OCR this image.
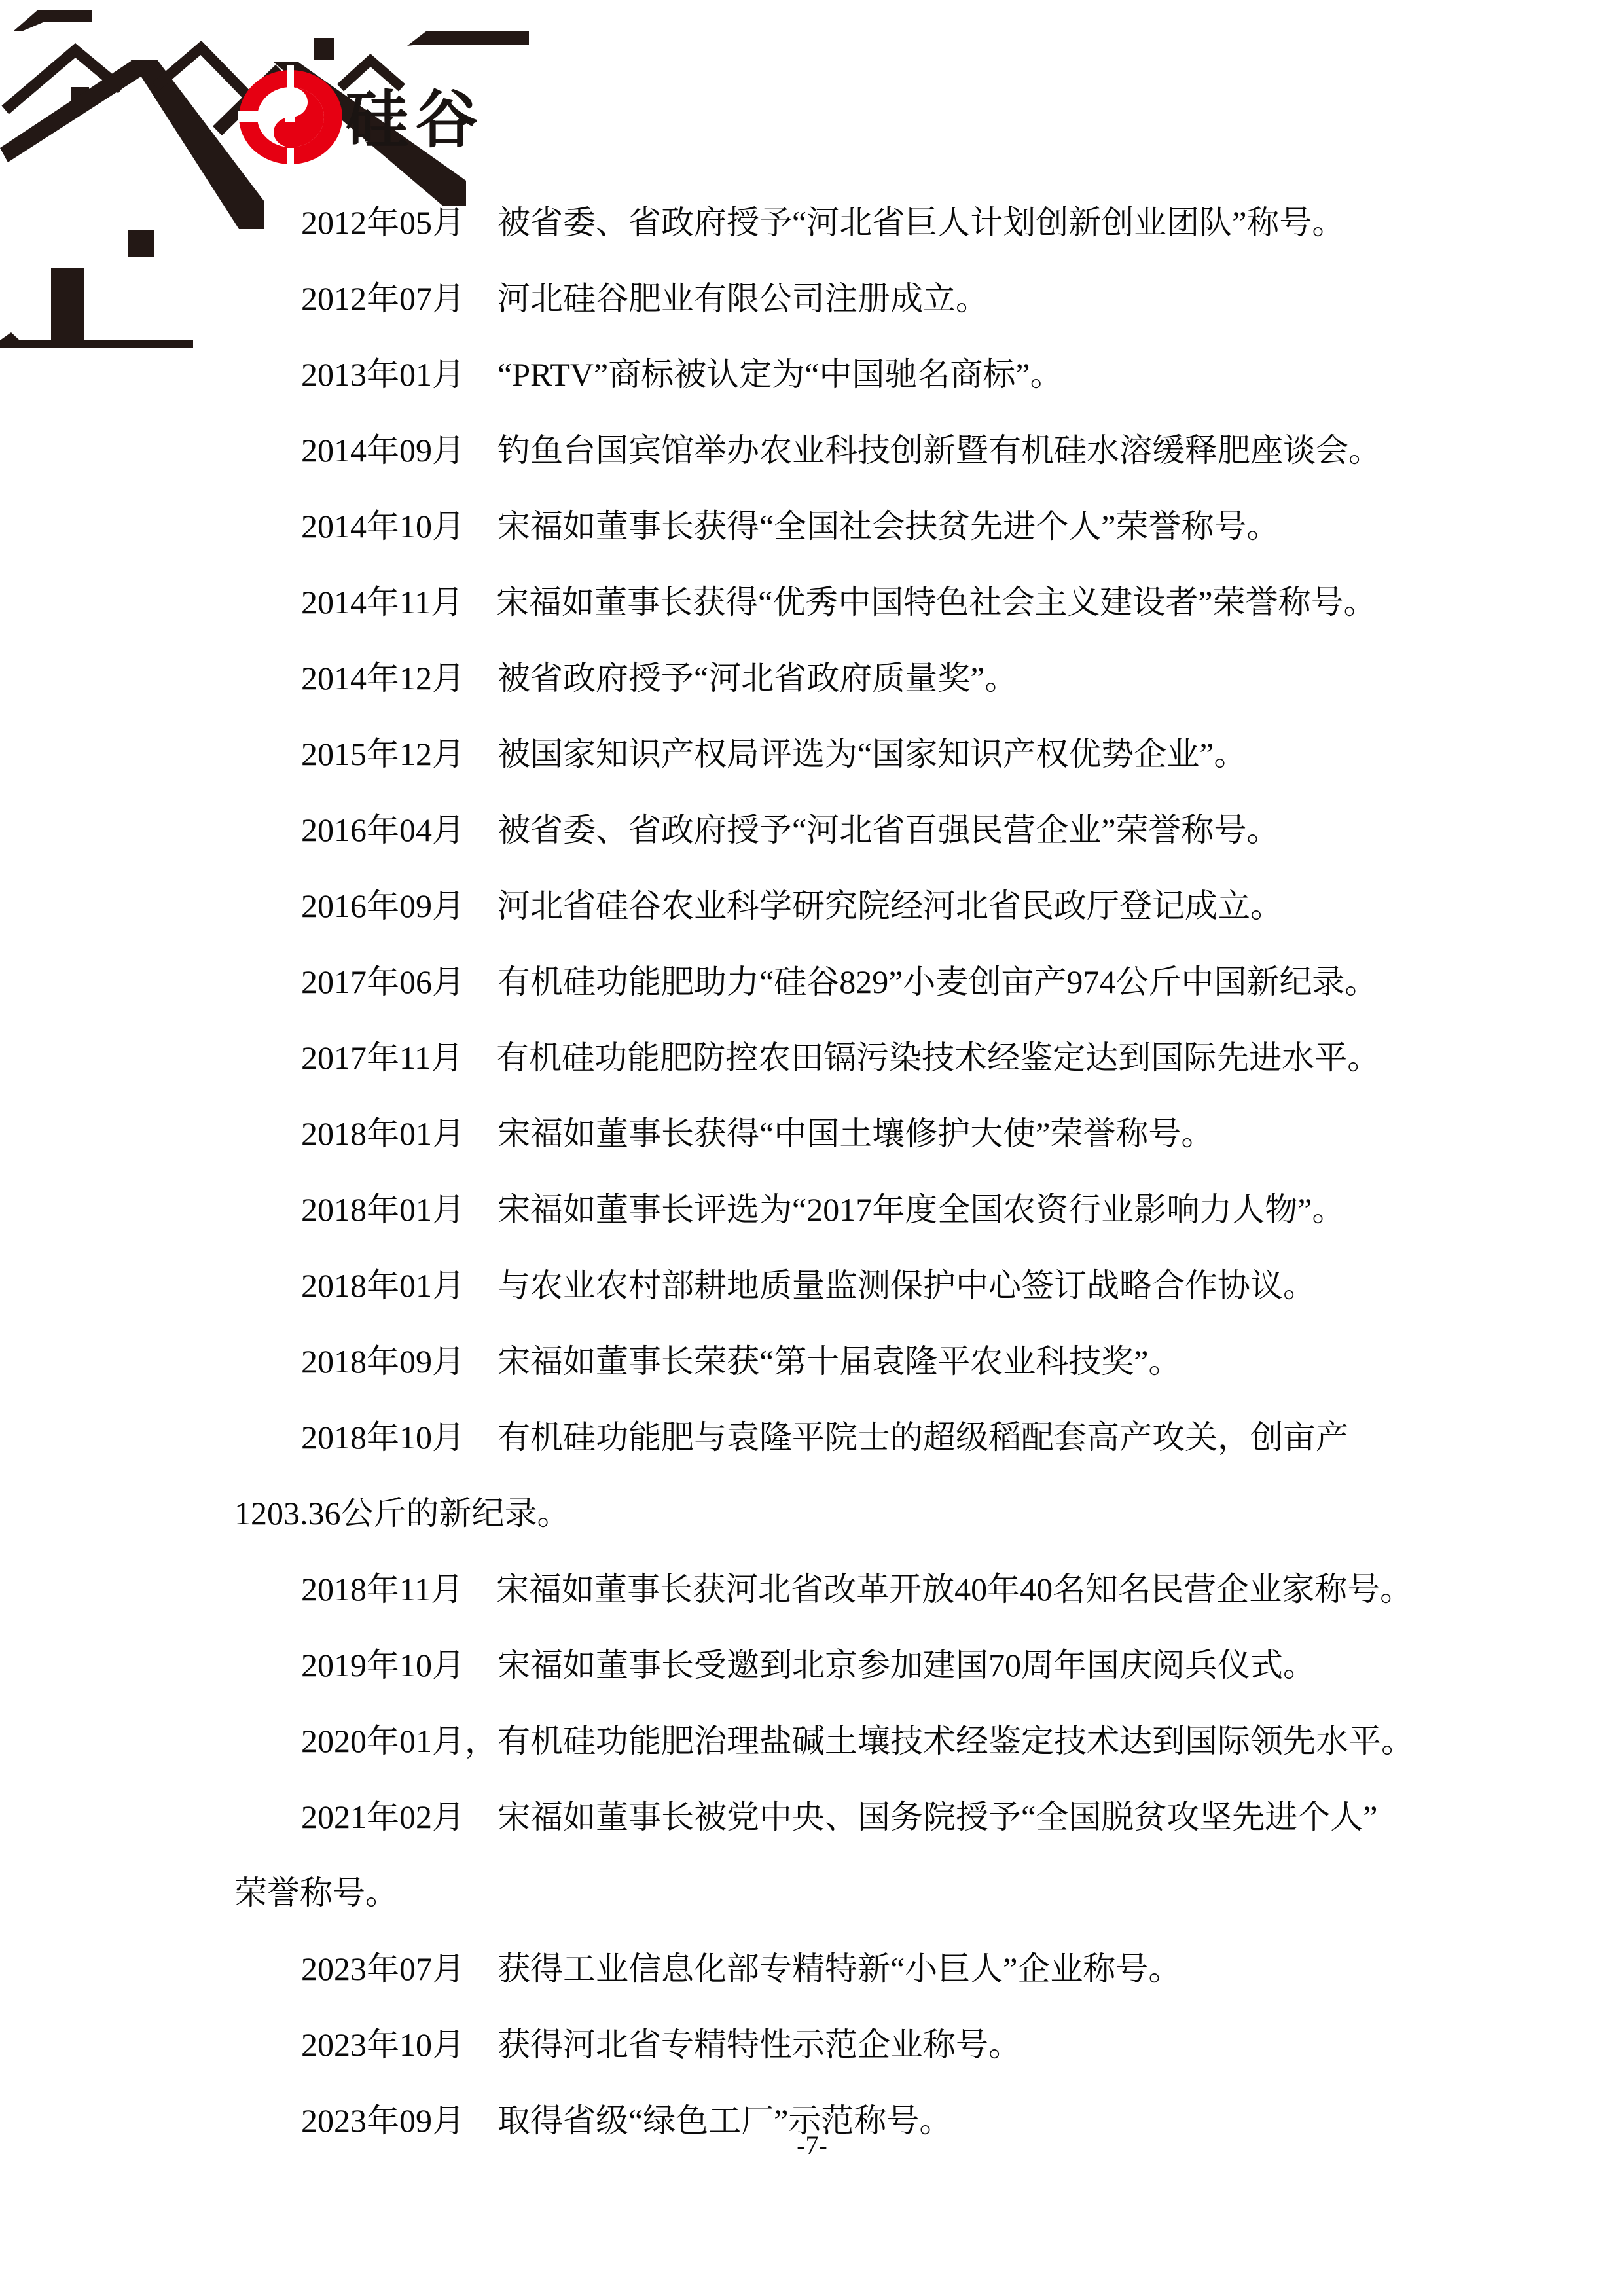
硅谷
2012年05月　被省委、省政府授予“河北省巨人计划创新创业团队”称号。
2012年07月　河北硅谷肥业有限公司注册成立。
2013年01月　“PRTV”商标被认定为“中国驰名商标”。
2014年09月　钓鱼台国宾馆举办农业科技创新暨有机硅水溶缓释肥座谈会。
2014年10月　宋福如董事长获得“全国社会扶贫先进个人”荣誉称号。
2014年11月　宋福如董事长获得“优秀中国特色社会主义建设者”荣誉称号。
2014年12月　被省政府授予“河北省政府质量奖”。
2015年12月　被国家知识产权局评选为“国家知识产权优势企业”。
2016年04月　被省委、省政府授予“河北省百强民营企业”荣誉称号。
2016年09月　河北省硅谷农业科学研究院经河北省民政厅登记成立。
2017年06月　有机硅功能肥助力“硅谷829”小麦创亩产974公斤中国新纪录。
2017年11月　有机硅功能肥防控农田镉污染技术经鉴定达到国际先进水平。
2018年01月　宋福如董事长获得“中国土壤修护大使”荣誉称号。
2018年01月　宋福如董事长评选为“2017年度全国农资行业影响力人物”。
2018年01月　与农业农村部耕地质量监测保护中心签订战略合作协议。
2018年09月　宋福如董事长荣获“第十届袁隆平农业科技奖”。
2018年10月　有机硅功能肥与袁隆平院士的超级稻配套高产攻关，创亩产
1203.36公斤的新纪录。
2018年11月　宋福如董事长获河北省改革开放40年40名知名民营企业家称号。
2019年10月　宋福如董事长受邀到北京参加建国70周年国庆阅兵仪式。
2020年01月，有机硅功能肥治理盐碱土壤技术经鉴定技术达到国际领先水平。
2021年02月　宋福如董事长被党中央、国务院授予“全国脱贫攻坚先进个人”
荣誉称号。
2023年07月　获得工业信息化部专精特新“小巨人”企业称号。
2023年10月　获得河北省专精特性示范企业称号。
2023年09月　取得省级“绿色工厂”示范称号。
-7-
